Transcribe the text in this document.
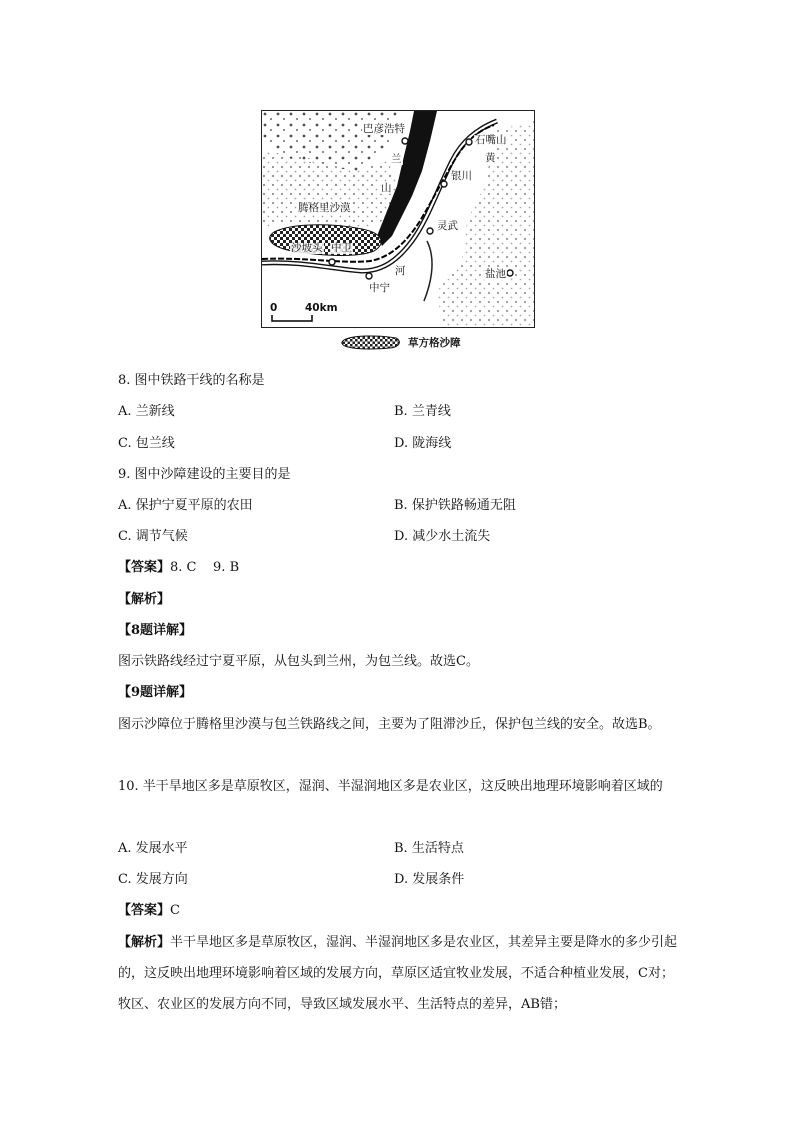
巴彦浩特
兰
山
石嘴山
黄
银川
腾格里沙漠
灵武
沙坡头 中卫
河
中宁
盐池
0	40km
草方格沙障
8. 图中铁路干线的名称是
A. 兰新线	B. 兰青线
C. 包兰线	D. 陇海线
9. 图中沙障建设的主要目的是
A. 保护宁夏平原的农田	B. 保护铁路畅通无阻
C. 调节气候	D. 减少水土流失
【答案】8. C    9. B
【解析】
【8题详解】
图示铁路线经过宁夏平原，从包头到兰州，为包兰线。故选C。
【9题详解】
图示沙障位于腾格里沙漠与包兰铁路线之间，主要为了阻滞沙丘，保护包兰线的安全。故选B。
10. 半干旱地区多是草原牧区，湿润、半湿润地区多是农业区，这反映出地理环境影响着区域的
A. 发展水平	B. 生活特点
C. 发展方向	D. 发展条件
【答案】C
【解析】半干旱地区多是草原牧区，湿润、半湿润地区多是农业区，其差异主要是降水的多少引起的，这反映出地理环境影响着区域的发展方向，草原区适宜牧业发展，不适合种植业发展，C对；牧区、农业区的发展方向不同，导致区域发展水平、生活特点的差异，AB错；
